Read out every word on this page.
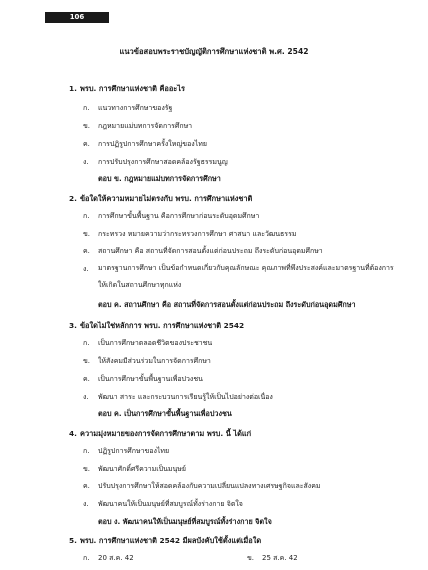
106
แนวข้อสอบพระราชบัญญัติการศึกษาแห่งชาติ พ.ศ. 2542
1. พรบ. การศึกษาแห่งชาติ คืออะไร
ก. แนวทางการศึกษาของรัฐ
ข. กฎหมายแม่บทการจัดการศึกษา
ค. การปฏิรูปการศึกษาครั้งใหญ่ของไทย
ง. การปรับปรุงการศึกษาสอดคล้องรัฐธรรมนูญ
ตอบ ข. กฎหมายแม่บทการจัดการศึกษา
2. ข้อใดให้ความหมายไม่ตรงกับ พรบ. การศึกษาแห่งชาติ
ก. การศึกษาขั้นพื้นฐาน คือการศึกษาก่อนระดับอุดมศึกษา
ข. กระทรวง หมายความว่ากระทรวงการศึกษา ศาสนา และวัฒนธรรม
ค. สถานศึกษา คือ สถานที่จัดการสอนตั้งแต่ก่อนประถม ถึงระดับก่อนอุดมศึกษา
ง.	มาตรฐานการศึกษา เป็นข้อกำหนดเกี่ยวกับคุณลักษณะ คุณภาพที่พึงประสงค์และมาตรฐานที่ต้องการให้เกิดในสถานศึกษาทุกแห่ง
ตอบ ค. สถานศึกษา คือ สถานที่จัดการสอนตั้งแต่ก่อนประถม ถึงระดับก่อนอุดมศึกษา
3. ข้อใดไม่ใช่หลักการ พรบ. การศึกษาแห่งชาติ 2542
ก. เป็นการศึกษาตลอดชีวิตของประชาชน
ข. ให้สังคมมีส่วนร่วมในการจัดการศึกษา
ค. เป็นการศึกษาขั้นพื้นฐานเพื่อปวงชน
ง. พัฒนา สาระ และกระบวนการเรียนรู้ให้เป็นไปอย่างต่อเนื่อง
ตอบ ค. เป็นการศึกษาขั้นพื้นฐานเพื่อปวงชน
4. ความมุ่งหมายของการจัดการศึกษาตาม พรบ. นี้ ได้แก่
ก. ปฏิรูปการศึกษาของไทย
ข. พัฒนาศักดิ์ศรีความเป็นมนุษย์
ค. ปรับปรุงการศึกษาให้สอดคล้องกับความเปลี่ยนแปลงทางเศรษฐกิจและสังคม
ง. พัฒนาคนให้เป็นมนุษย์ที่สมบูรณ์ทั้งร่างกาย จิตใจ
ตอบ ง. พัฒนาคนให้เป็นมนุษย์ที่สมบูรณ์ทั้งร่างกาย จิตใจ
5. พรบ. การศึกษาแห่งชาติ 2542 มีผลบังคับใช้ตั้งแต่เมื่อใด
ก. 20 ส.ค. 42	ข. 25 ส.ค. 42
